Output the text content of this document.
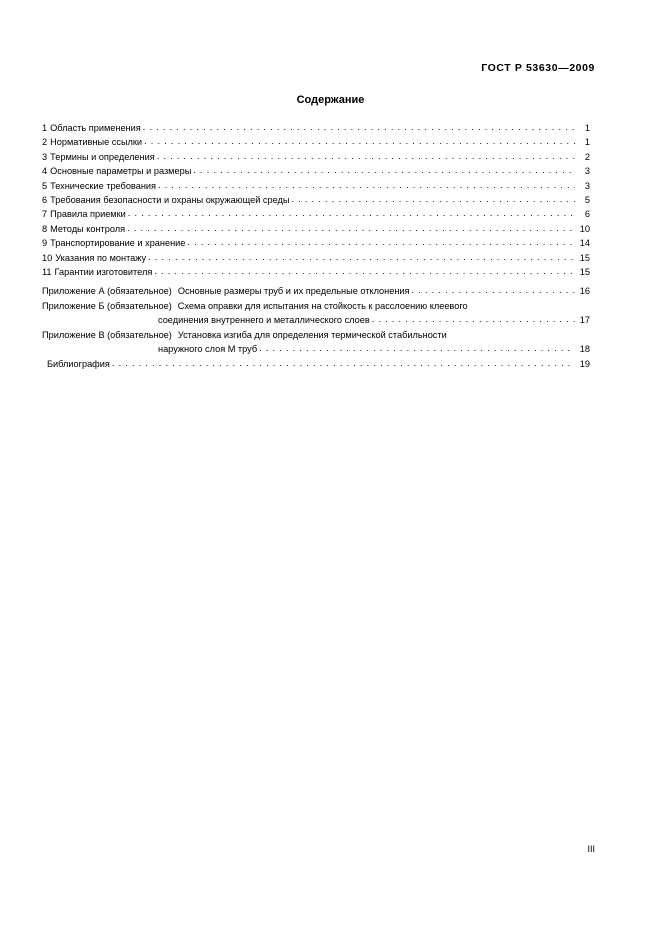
ГОСТ Р 53630—2009
Содержание
1 Область применения . . .	1
2 Нормативные ссылки . . .	1
3 Термины и определения . . .	2
4 Основные параметры и размеры . . .	3
5 Технические требования . . .	3
6 Требования безопасности и охраны окружающей среды . . .	5
7 Правила приемки . . .	6
8 Методы контроля . . .	10
9 Транспортирование и хранение . . .	14
10 Указания по монтажу . . .	15
11 Гарантии изготовителя . . .	15
Приложение А (обязательное) Основные размеры труб и их предельные отклонения . . .	16
Приложение Б (обязательное) Схема оправки для испытания на стойкость к расслоению клеевого
соединения внутреннего и металлического слоев . . .	17
Приложение В (обязательное) Установка изгиба для определения термической стабильности
наружного слоя М труб . . .	18
Библиография . . .	19
III
